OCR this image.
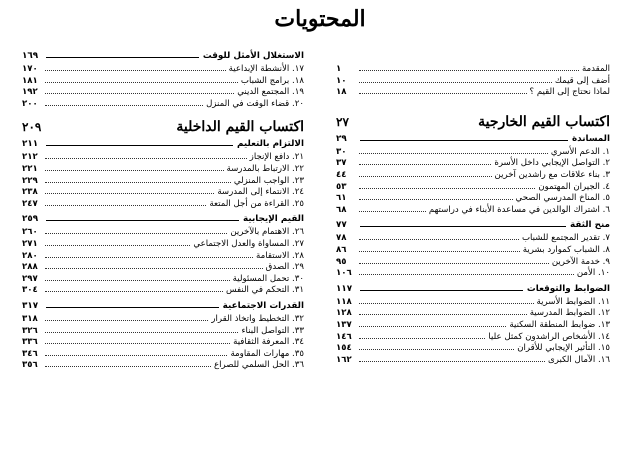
المحتويات
المقدمة
١
أضف إلى قيمك
١٠
لماذا نحتاج إلى القيم ؟
١٨
اكتساب القيم الخارجية
٢٧
المساندة
٢٩
١. الدعم الأسري
٣٠
٢. التواصل الإيجابي داخل الأسرة
٣٧
٣. بناء علاقات مع راشدين آخرين
٤٤
٤. الجيران المهتمون
٥٣
٥. المناخ المدرسي الصحي
٦١
٦. اشتراك الوالدين في مساعدة الأبناء في دراستهم
٦٨
منح الثقة
٧٧
٧. تقدير المجتمع للشباب
٧٨
٨. الشباب كموارد بشرية
٨٦
٩. خدمة الآخرين
٩٥
١٠. الأمن
١٠٦
الضوابط والتوقعات
١١٧
١١. الضوابط الأسرية
١١٨
١٢. الضوابط المدرسية
١٢٨
١٣. ضوابط المنطقة السكنية
١٣٧
١٤. الأشخاص الراشدون كمثل عليا
١٤٦
١٥. التأثير الإيجابي للأقران
١٥٤
١٦. الآمال الكبرى
١٦٢
الاستغلال الأمثل للوقت
١٦٩
١٧. الأنشطة الإبداعية
١٧٠
١٨. برامج الشباب
١٨١
١٩. المجتمع الديني
١٩٢
٢٠. قضاء الوقت في المنزل
٢٠٠
اكتساب القيم الداخلية
٢٠٩
الالتزام بالتعليم
٢١١
٢١. دافع الإنجاز
٢١٢
٢٢. الارتباط بالمدرسة
٢٢١
٢٣. الواجب المنزلي
٢٢٩
٢٤. الانتماء إلى المدرسة
٢٣٨
٢٥. القراءة من أجل المتعة
٢٤٧
القيم الإيجابية
٢٥٩
٢٦. الاهتمام بالآخرين
٢٦٠
٢٧. المساواة والعدل الاجتماعي
٢٧١
٢٨. الاستقامة
٢٨٠
٢٩. الصدق
٢٨٨
٣٠. تحمل المسئولية
٢٩٧
٣١. التحكم في النفس
٣٠٤
القدرات الاجتماعية
٣١٧
٣٢. التخطيط واتخاذ القرار
٣١٨
٣٣. التواصل البناء
٣٢٦
٣٤. المعرفة الثقافية
٣٣٦
٣٥. مهارات المقاومة
٣٤٦
٣٦. الحل السلمي للصراع
٣٥٦
